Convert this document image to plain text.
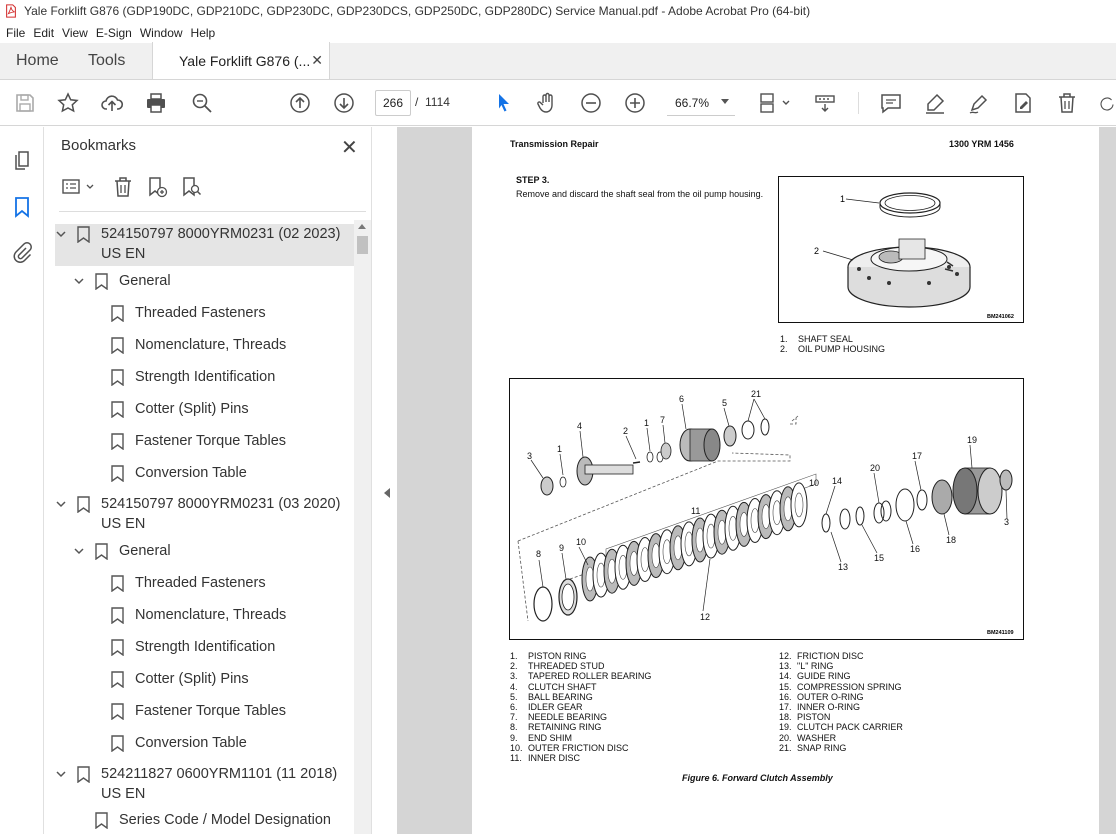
Yale Forklift G876 (GDP190DC, GDP210DC, GDP230DC, GDP230DCS, GDP250DC, GDP280DC) Service Manual.pdf - Adobe Acrobat Pro (64-bit)
File Edit View E-Sign Window Help
Home	Tools	Yale Forklift G876 (... ✕
266 / 1114	66.7%
Bookmarks	✕
524150797 8000YRM0231 (02 2023)
US EN
General
Threaded Fasteners
Nomenclature, Threads
Strength Identification
Cotter (Split) Pins
Fastener Torque Tables
Conversion Table
524150797 8000YRM0231 (03 2020)
US EN
General
Threaded Fasteners
Nomenclature, Threads
Strength Identification
Cotter (Split) Pins
Fastener Torque Tables
Conversion Table
524211827 0600YRM1101 (11 2018)
US EN
Series Code / Model Designation
Transmission Repair	1300 YRM 1456
STEP 3.
Remove and discard the shaft seal from the oil pump housing.	1
2
BM241062
1.	SHAFT SEAL
2.	OIL PUMP HOUSING
1
1
2
3
3
4
5
6
7
8
9
10
10
11
12
13
14
15
16
17
18
19
20
21
BM241109
1.	PISTON RING
2.	THREADED STUD
3.	TAPERED ROLLER BEARING
4.	CLUTCH SHAFT
5.	BALL BEARING
6.	IDLER GEAR
7.	NEEDLE BEARING
8.	RETAINING RING
9.	END SHIM
10. OUTER FRICTION DISC
11. INNER DISC
12. FRICTION DISC
13. "L" RING
14. GUIDE RING
15. COMPRESSION SPRING
16. OUTER O-RING
17. INNER O-RING
18. PISTON
19. CLUTCH PACK CARRIER
20. WASHER
21. SNAP RING
Figure 6. Forward Clutch Assembly
